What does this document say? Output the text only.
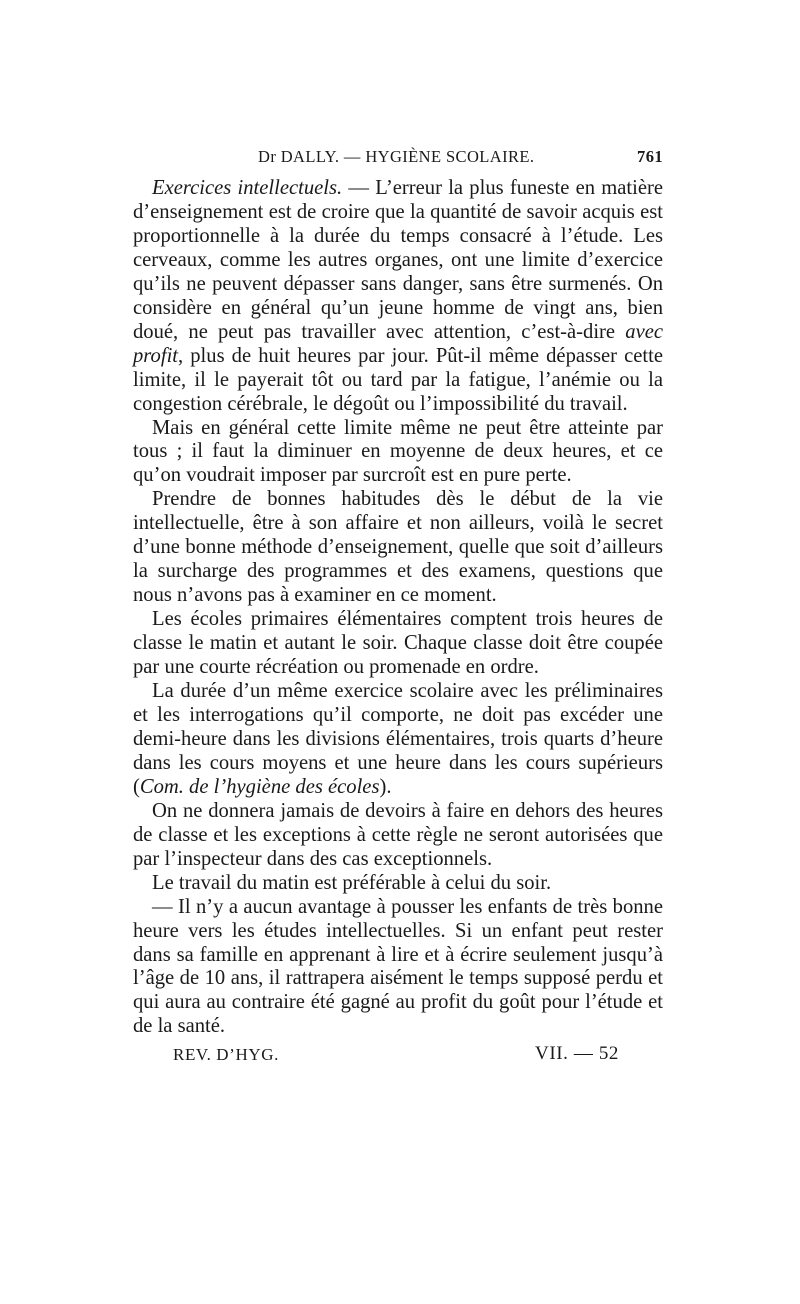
Dr DALLY. — HYGIÈNE SCOLAIRE.	761

Exercices intellectuels. — L’erreur la plus funeste en matière d’enseignement est de croire que la quantité de savoir acquis est proportionnelle à la durée du temps consacré à l’étude. Les cerveaux, comme les autres organes, ont une limite d’exercice qu’ils ne peuvent dépasser sans danger, sans être surmenés. On considère en général qu’un jeune homme de vingt ans, bien doué, ne peut pas travailler avec attention, c’est-à-dire avec profit, plus de huit heures par jour. Pût-il même dépasser cette limite, il le payerait tôt ou tard par la fatigue, l’anémie ou la congestion cérébrale, le dégoût ou l’impossibilité du travail.

Mais en général cette limite même ne peut être atteinte par tous ; il faut la diminuer en moyenne de deux heures, et ce qu’on voudrait imposer par surcroît est en pure perte.

Prendre de bonnes habitudes dès le début de la vie intellectuelle, être à son affaire et non ailleurs, voilà le secret d’une bonne méthode d’enseignement, quelle que soit d’ailleurs la surcharge des programmes et des examens, questions que nous n’avons pas à examiner en ce moment.

Les écoles primaires élémentaires comptent trois heures de classe le matin et autant le soir. Chaque classe doit être coupée par une courte récréation ou promenade en ordre.

La durée d’un même exercice scolaire avec les préliminaires et les interrogations qu’il comporte, ne doit pas excéder une demi-heure dans les divisions élémentaires, trois quarts d’heure dans les cours moyens et une heure dans les cours supérieurs (Com. de l’hygiène des écoles).

On ne donnera jamais de devoirs à faire en dehors des heures de classe et les exceptions à cette règle ne seront autorisées que par l’inspecteur dans des cas exceptionnels.

Le travail du matin est préférable à celui du soir.

— Il n’y a aucun avantage à pousser les enfants de très bonne heure vers les études intellectuelles. Si un enfant peut rester dans sa famille en apprenant à lire et à écrire seulement jusqu’à l’âge de 10 ans, il rattrapera aisément le temps supposé perdu et qui aura au contraire été gagné au profit du goût pour l’étude et de la santé.

REV. D’HYG.	VII. — 52
